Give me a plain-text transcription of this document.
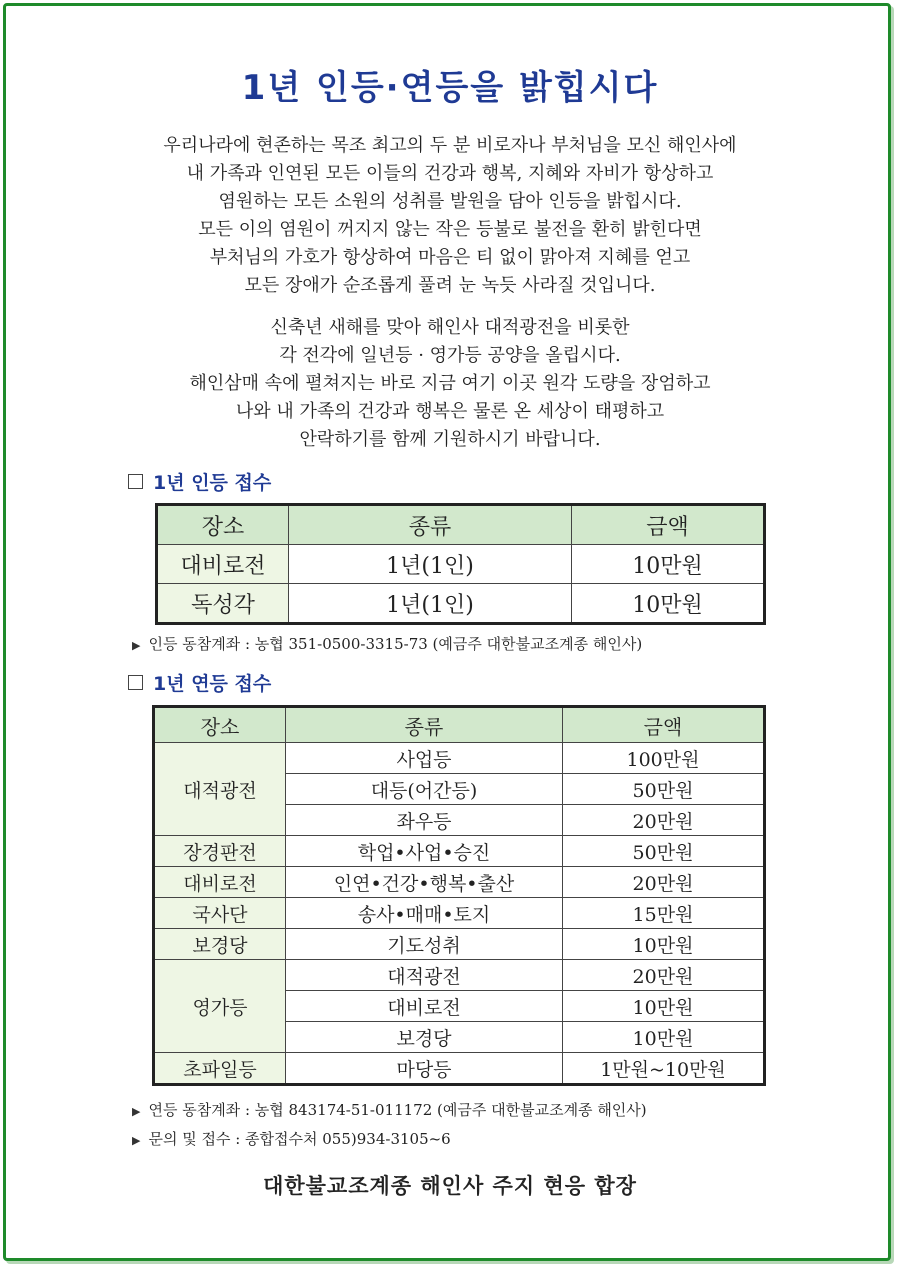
1년 인등·연등을 밝힙시다

우리나라에 현존하는 목조 최고의 두 분 비로자나 부처님을 모신 해인사에

내 가족과 인연된 모든 이들의 건강과 행복, 지혜와 자비가 항상하고

염원하는 모든 소원의 성취를 발원을 담아 인등을 밝힙시다.

모든 이의 염원이 꺼지지 않는 작은 등불로 불전을 환히 밝힌다면

부처님의 가호가 항상하여 마음은 티 없이 맑아져 지혜를 얻고

모든 장애가 순조롭게 풀려 눈 녹듯 사라질 것입니다.

신축년 새해를 맞아 해인사 대적광전을 비롯한

각 전각에 일년등 · 영가등 공양을 올립시다.

해인삼매 속에 펼쳐지는 바로 지금 여기 이곳 원각 도량을 장엄하고

나와 내 가족의 건강과 행복은 물론 온 세상이 태평하고

안락하기를 함께 기원하시기 바랍니다.

1년 인등 접수
장소	종류	금액
대비로전	1년(1인)	10만원
독성각	1년(1인)	10만원
▶ 인등 동참계좌 : 농협 351-0500-3315-73 (예금주 대한불교조계종 해인사)
1년 연등 접수
장소	종류	금액
대적광전	사업등	100만원
	대등(어간등)	50만원
	좌우등	20만원
장경판전	학업•사업•승진	50만원
대비로전	인연•건강•행복•출산	20만원
국사단	송사•매매•토지	15만원
보경당	기도성취	10만원
영가등	대적광전	20만원
	대비로전	10만원
	보경당	10만원
초파일등	마당등	1만원~10만원
▶ 연등 동참계좌 : 농협 843174-51-011172 (예금주 대한불교조계종 해인사)
▶ 문의 및 접수 : 종합접수처 055)934-3105~6
대한불교조계종 해인사 주지 현응 합장
